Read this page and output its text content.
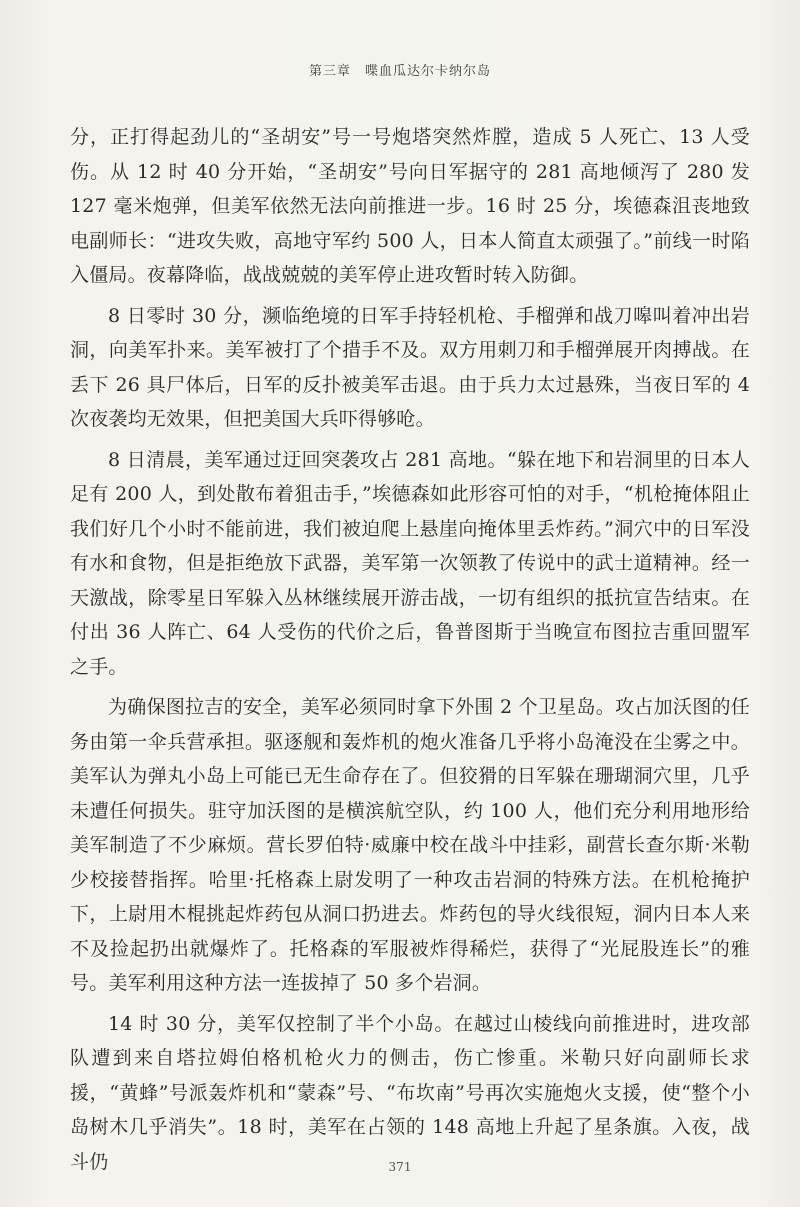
第三章　喋血瓜达尔卡纳尔岛

分，正打得起劲儿的“圣胡安”号一号炮塔突然炸膛，造成 5 人死亡、13 人受伤。从 12 时 40 分开始，“圣胡安”号向日军据守的 281 高地倾泻了 280 发 127 毫米炮弹，但美军依然无法向前推进一步。16 时 25 分，埃德森沮丧地致电副师长：“进攻失败，高地守军约 500 人，日本人简直太顽强了。”前线一时陷入僵局。夜幕降临，战战兢兢的美军停止进攻暂时转入防御。

8 日零时 30 分，濒临绝境的日军手持轻机枪、手榴弹和战刀嗥叫着冲出岩洞，向美军扑来。美军被打了个措手不及。双方用刺刀和手榴弹展开肉搏战。在丢下 26 具尸体后，日军的反扑被美军击退。由于兵力太过悬殊，当夜日军的 4 次夜袭均无效果，但把美国大兵吓得够呛。

8 日清晨，美军通过迂回突袭攻占 281 高地。“躲在地下和岩洞里的日本人足有 200 人，到处散布着狙击手，”埃德森如此形容可怕的对手，“机枪掩体阻止我们好几个小时不能前进，我们被迫爬上悬崖向掩体里丢炸药。”洞穴中的日军没有水和食物，但是拒绝放下武器，美军第一次领教了传说中的武士道精神。经一天激战，除零星日军躲入丛林继续展开游击战，一切有组织的抵抗宣告结束。在付出 36 人阵亡、64 人受伤的代价之后，鲁普图斯于当晚宣布图拉吉重回盟军之手。

为确保图拉吉的安全，美军必须同时拿下外围 2 个卫星岛。攻占加沃图的任务由第一伞兵营承担。驱逐舰和轰炸机的炮火准备几乎将小岛淹没在尘雾之中。美军认为弹丸小岛上可能已无生命存在了。但狡猾的日军躲在珊瑚洞穴里，几乎未遭任何损失。驻守加沃图的是横滨航空队，约 100 人，他们充分利用地形给美军制造了不少麻烦。营长罗伯特·威廉中校在战斗中挂彩，副营长查尔斯·米勒少校接替指挥。哈里·托格森上尉发明了一种攻击岩洞的特殊方法。在机枪掩护下，上尉用木棍挑起炸药包从洞口扔进去。炸药包的导火线很短，洞内日本人来不及捡起扔出就爆炸了。托格森的军服被炸得稀烂，获得了“光屁股连长”的雅号。美军利用这种方法一连拔掉了 50 多个岩洞。

14 时 30 分，美军仅控制了半个小岛。在越过山棱线向前推进时，进攻部队遭到来自塔拉姆伯格机枪火力的侧击，伤亡惨重。米勒只好向副师长求援，“黄蜂”号派轰炸机和“蒙森”号、“布坎南”号再次实施炮火支援，使“整个小岛树木几乎消失”。18 时，美军在占领的 148 高地上升起了星条旗。入夜，战斗仍	371
